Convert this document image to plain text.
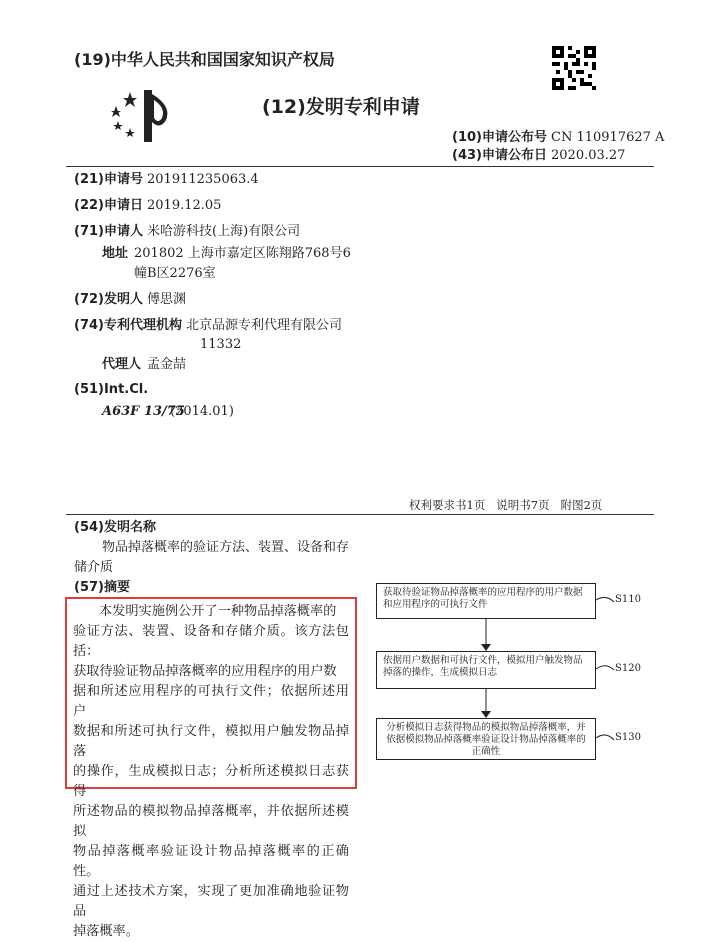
(19)中华人民共和国国家知识产权局
(12)发明专利申请
(10)申请公布号 CN 110917627 A
(43)申请公布日 2020.03.27
(21)申请号 201911235063.4
(22)申请日 2019.12.05
(71)申请人 米哈游科技(上海)有限公司
地址 201802 上海市嘉定区陈翔路768号6
幢B区2276室
(72)发明人 傅思渊
(74)专利代理机构 北京品源专利代理有限公司
11332
代理人 孟金喆
(51)Int.Cl.
A63F 13/75
(2014.01)
权利要求书1页   说明书7页   附图2页
(54)发明名称
物品掉落概率的验证方法、装置、设备和存
储介质
(57)摘要
本发明实施例公开了一种物品掉落概率的
验证方法、装置、设备和存储介质。该方法包括：
获取待验证物品掉落概率的应用程序的用户数
据和所述应用程序的可执行文件；依据所述用户
数据和所述可执行文件，模拟用户触发物品掉落
的操作，生成模拟日志；分析所述模拟日志获得
所述物品的模拟物品掉落概率，并依据所述模拟
物品掉落概率验证设计物品掉落概率的正确性。
通过上述技术方案，实现了更加准确地验证物品
掉落概率。
获取待验证物品掉落概率的应用程序的用户数据和应用程序的可执行文件	S110
依据用户数据和可执行文件，模拟用户触发物品掉落的操作，生成模拟日志	S120
分析模拟日志获得物品的模拟物品掉落概率，并依据模拟物品掉落概率验证设计物品掉落概率的正确性
S130
